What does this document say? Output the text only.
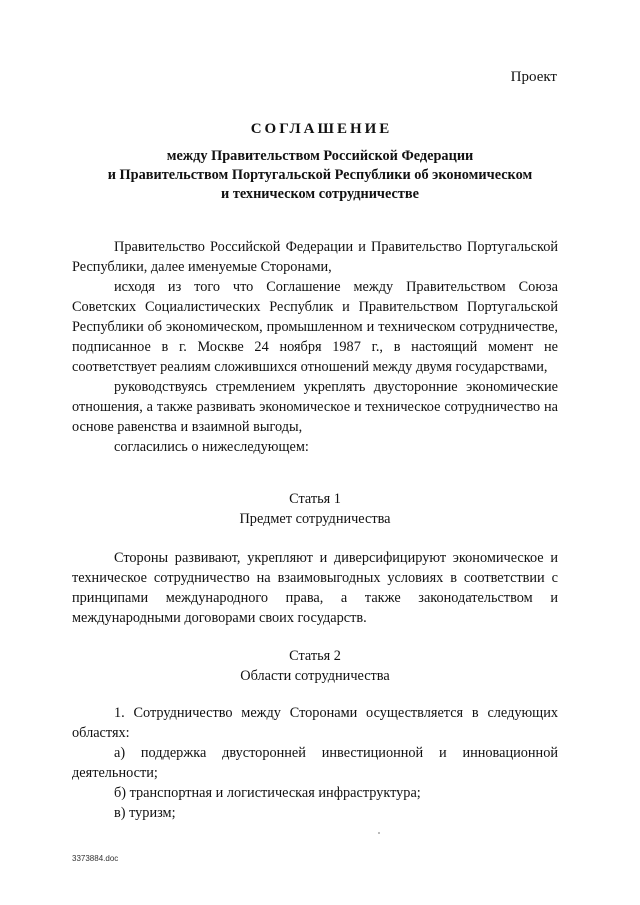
Проект
СОГЛАШЕНИЕ
между Правительством Российской Федерации
и Правительством Португальской Республики об экономическом
и техническом сотрудничестве

Правительство Российской Федерации и Правительство Португальской Республики, далее именуемые Сторонами,

исходя из того что Соглашение между Правительством Союза Советских Социалистических Республик и Правительством Португальской Республики об экономическом, промышленном и техническом сотрудничестве, подписанное в г. Москве 24 ноября 1987 г., в настоящий момент не соответствует реалиям сложившихся отношений между двумя государствами,

руководствуясь стремлением укреплять двусторонние экономические отношения, а также развивать экономическое и техническое сотрудничество на основе равенства и взаимной выгоды,

согласились о нижеследующем:

Статья 1

Предмет сотрудничества

Стороны развивают, укрепляют и диверсифицируют экономическое и техническое сотрудничество на взаимовыгодных условиях в соответствии с принципами международного права, а также законодательством и международными договорами своих государств.

Статья 2

Области сотрудничества

1. Сотрудничество между Сторонами осуществляется в следующих областях:

а) поддержка двусторонней инвестиционной и инновационной деятельности;

б) транспортная и логистическая инфраструктура;

в) туризм;

3373884.doc
